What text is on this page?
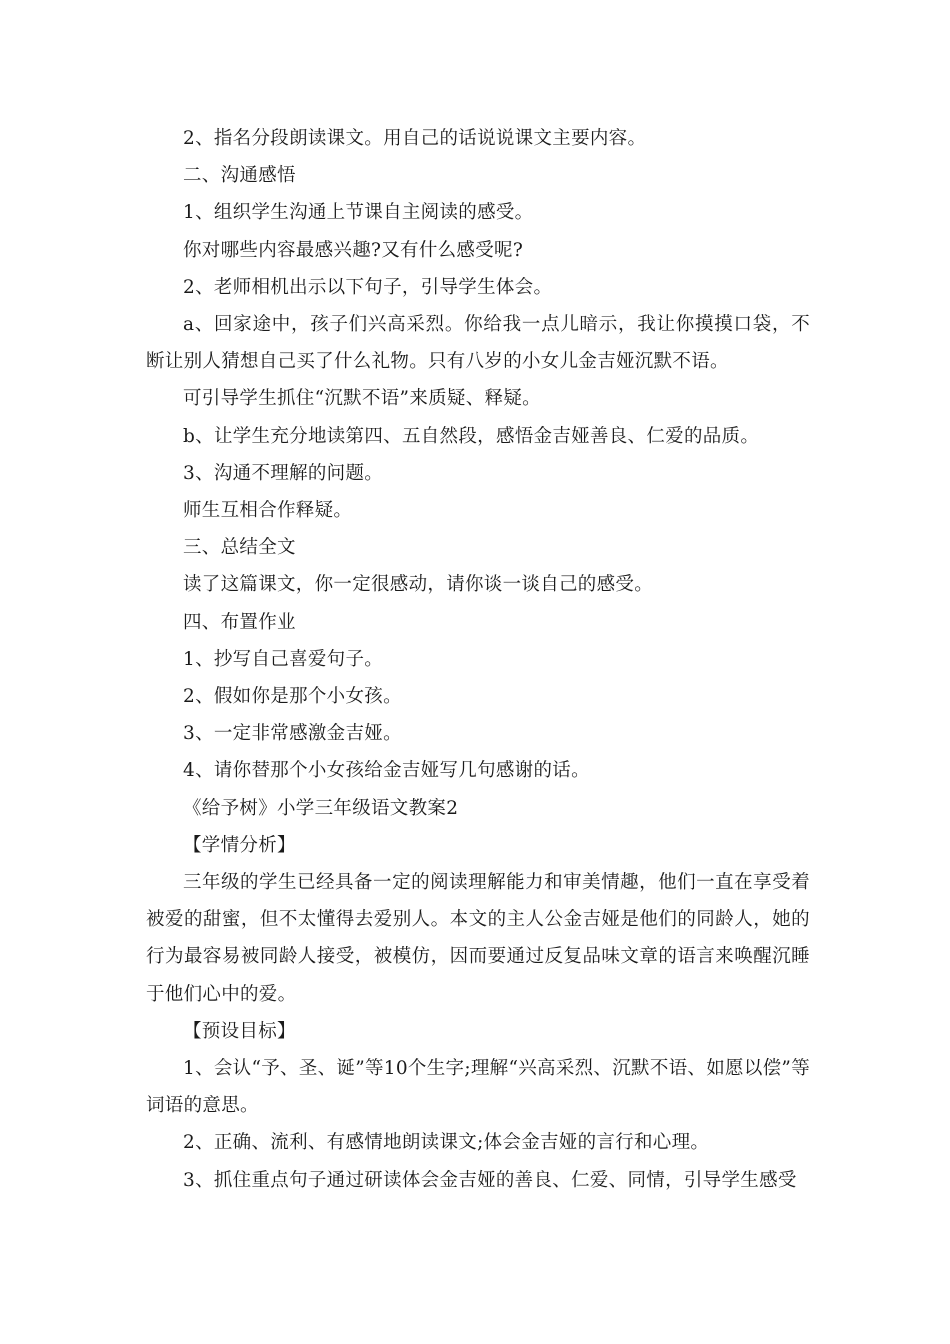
2、指名分段朗读课文。用自己的话说说课文主要内容。

二、沟通感悟

1、组织学生沟通上节课自主阅读的感受。

你对哪些内容最感兴趣?又有什么感受呢?

2、老师相机出示以下句子，引导学生体会。

a、回家途中，孩子们兴高采烈。你给我一点儿暗示，我让你摸摸口袋，不断让别人猜想自己买了什么礼物。只有八岁的小女儿金吉娅沉默不语。

可引导学生抓住“沉默不语”来质疑、释疑。

b、让学生充分地读第四、五自然段，感悟金吉娅善良、仁爱的品质。

3、沟通不理解的问题。

师生互相合作释疑。

三、总结全文

读了这篇课文，你一定很感动，请你谈一谈自己的感受。

四、布置作业

1、抄写自己喜爱句子。

2、假如你是那个小女孩。

3、一定非常感激金吉娅。

4、请你替那个小女孩给金吉娅写几句感谢的话。

《给予树》小学三年级语文教案2

【学情分析】

三年级的学生已经具备一定的阅读理解能力和审美情趣，他们一直在享受着被爱的甜蜜，但不太懂得去爱别人。本文的主人公金吉娅是他们的同龄人，她的行为最容易被同龄人接受，被模仿，因而要通过反复品味文章的语言来唤醒沉睡于他们心中的爱。

【预设目标】

1、会认“予、圣、诞”等10个生字;理解“兴高采烈、沉默不语、如愿以偿”等词语的意思。

2、正确、流利、有感情地朗读课文;体会金吉娅的言行和心理。

3、抓住重点句子通过研读体会金吉娅的善良、仁爱、同情，引导学生感受
